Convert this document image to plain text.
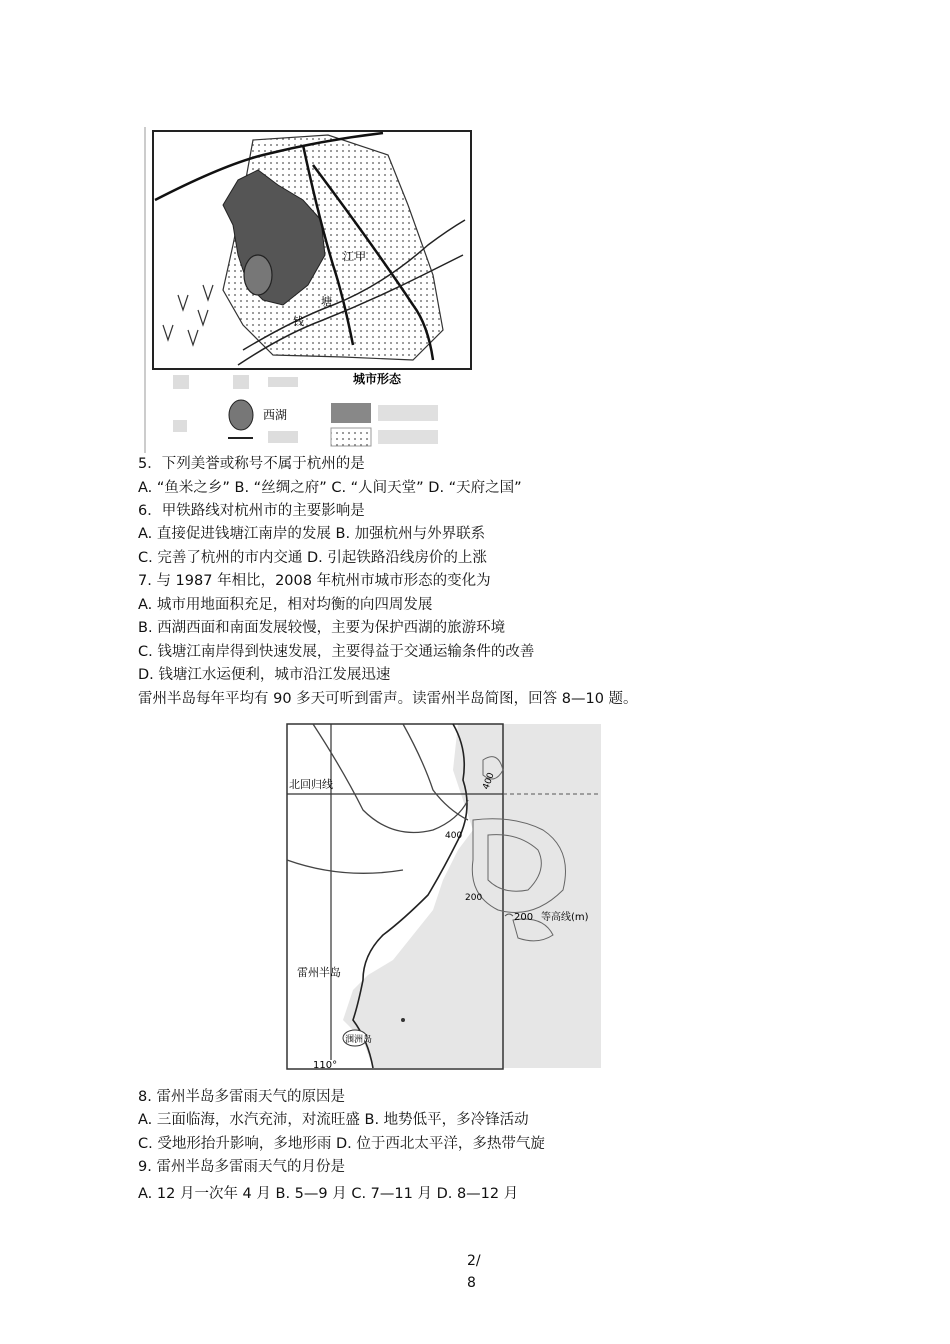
江 甲
塘
钱
城市形态
西湖
5．下列美誉或称号不属于杭州的是
A. “鱼米之乡” B. “丝绸之府” C. “人间天堂” D. “天府之国”
6．甲铁路线对杭州市的主要影响是
A. 直接促进钱塘江南岸的发展 B. 加强杭州与外界联系
C. 完善了杭州的市内交通 D. 引起铁路沿线房价的上涨
7. 与 1987 年相比，2008 年杭州市城市形态的变化为
A. 城市用地面积充足，相对均衡的向四周发展
B. 西湖西面和南面发展较慢，主要为保护西湖的旅游环境
C. 钱塘江南岸得到快速发展，主要得益于交通运输条件的改善
D. 钱塘江水运便利，城市沿江发展迅速
雷州半岛每年平均有 90 多天可听到雷声。读雷州半岛简图，回答 8—10 题。
北回归线
雷州半岛
涠洲岛
110°
400
200
400
200 等高线(m)
8. 雷州半岛多雷雨天气的原因是
A. 三面临海，水汽充沛，对流旺盛 B. 地势低平，多冷锋活动
C. 受地形抬升影响，多地形雨 D. 位于西北太平洋，多热带气旋
9. 雷州半岛多雷雨天气的月份是
A. 12 月一次年 4 月 B. 5—9 月 C. 7—11 月 D. 8—12 月
2/
8
